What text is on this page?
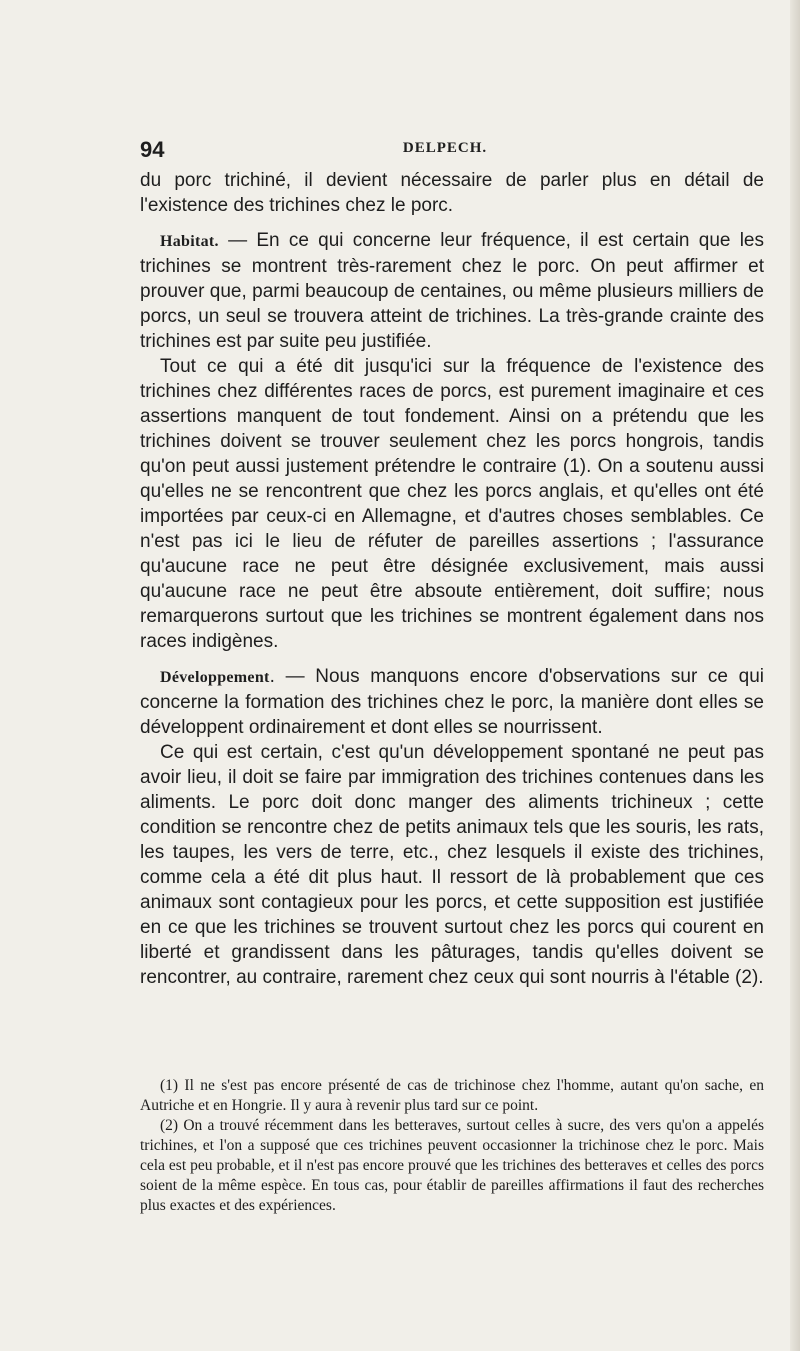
94	DELPECH.

du porc trichiné, il devient nécessaire de parler plus en détail de l'existence des trichines chez le porc.

Habitat. — En ce qui concerne leur fréquence, il est certain que les trichines se montrent très-rarement chez le porc. On peut affirmer et prouver que, parmi beaucoup de centaines, ou même plusieurs milliers de porcs, un seul se trouvera atteint de trichines. La très-grande crainte des trichines est par suite peu justifiée.

Tout ce qui a été dit jusqu'ici sur la fréquence de l'existence des trichines chez différentes races de porcs, est purement imaginaire et ces assertions manquent de tout fondement. Ainsi on a prétendu que les trichines doivent se trouver seulement chez les porcs hongrois, tandis qu'on peut aussi justement prétendre le contraire (1). On a soutenu aussi qu'elles ne se rencontrent que chez les porcs anglais, et qu'elles ont été importées par ceux-ci en Allemagne, et d'autres choses semblables. Ce n'est pas ici le lieu de réfuter de pareilles assertions ; l'assurance qu'aucune race ne peut être désignée exclusivement, mais aussi qu'aucune race ne peut être absoute entièrement, doit suffire; nous remarquerons surtout que les trichines se montrent également dans nos races indigènes.

Développement. — Nous manquons encore d'observations sur ce qui concerne la formation des trichines chez le porc, la manière dont elles se développent ordinairement et dont elles se nourrissent.

Ce qui est certain, c'est qu'un développement spontané ne peut pas avoir lieu, il doit se faire par immigration des trichines contenues dans les aliments. Le porc doit donc manger des aliments trichineux ; cette condition se rencontre chez de petits animaux tels que les souris, les rats, les taupes, les vers de terre, etc., chez lesquels il existe des trichines, comme cela a été dit plus haut. Il ressort de là probablement que ces animaux sont contagieux pour les porcs, et cette supposition est justifiée en ce que les trichines se trouvent surtout chez les porcs qui courent en liberté et grandissent dans les pâturages, tandis qu'elles doivent se rencontrer, au contraire, rarement chez ceux qui sont nourris à l'étable (2).

(1) Il ne s'est pas encore présenté de cas de trichinose chez l'homme, autant qu'on sache, en Autriche et en Hongrie. Il y aura à revenir plus tard sur ce point.

(2) On a trouvé récemment dans les betteraves, surtout celles à sucre, des vers qu'on a appelés trichines, et l'on a supposé que ces trichines peuvent occasionner la trichinose chez le porc. Mais cela est peu probable, et il n'est pas encore prouvé que les trichines des betteraves et celles des porcs soient de la même espèce. En tous cas, pour établir de pareilles affirmations il faut des recherches plus exactes et des expériences.
